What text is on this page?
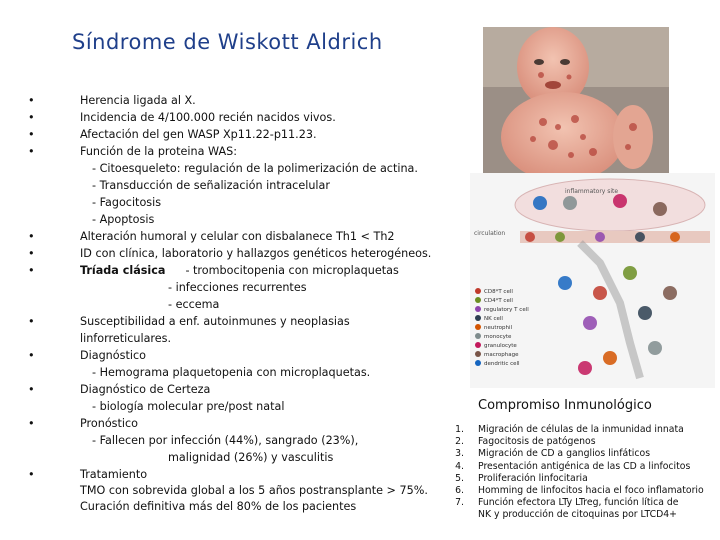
Síndrome de Wiskott Aldrich
•	Herencia ligada al X.
•	Incidencia de 4/100.000 recién nacidos vivos.
•	Afectación del gen WASP Xp11.22-p11.23.
•	Función de la proteina WAS:
- Citoesqueleto: regulación de la polimerización de actina.
- Transducción de señalización intracelular
- Fagocitosis
- Apoptosis
•	Alteración humoral y celular con disbalanece Th1 < Th2
•	ID con clínica, laboratorio y hallazgos genéticos heterogéneos.
•	Tríada clásica - trombocitopenia con microplaquetas
- infecciones recurrentes
- eccema
•	Susceptibilidad a enf. autoinmunes y neoplasias
linforreticulares.
•	Diagnóstico
- Hemograma plaquetopenia con microplaquetas.
•	Diagnóstico de Certeza
- biología molecular pre/post natal
•	Pronóstico
- Fallecen por infección (44%), sangrado (23%),
malignidad (26%) y vasculitis
•	Tratamiento
TMO con sobrevida global a los 5 años postransplante > 75%.
Curación definitiva más del 80% de los pacientes
inflammatory site
circulation
CD8*T cell
CD4*T cell
regulatory T cell
NK cell
neutrophil
monocyte
granulocyte
macrophage
dendritic cell
Compromiso Inmunológico
1. Migración de células de la inmunidad innata
2. Fagocitosis de patógenos
3. Migración de CD a ganglios linfáticos
4. Presentación antigénica de las CD a linfocitos
5. Proliferación linfocitaria
6. Homming de linfocitos hacia el foco inflamatorio
7. Función efectora LTy LTreg, función lítica de
NK y producción de citoquinas por LTCD4+
